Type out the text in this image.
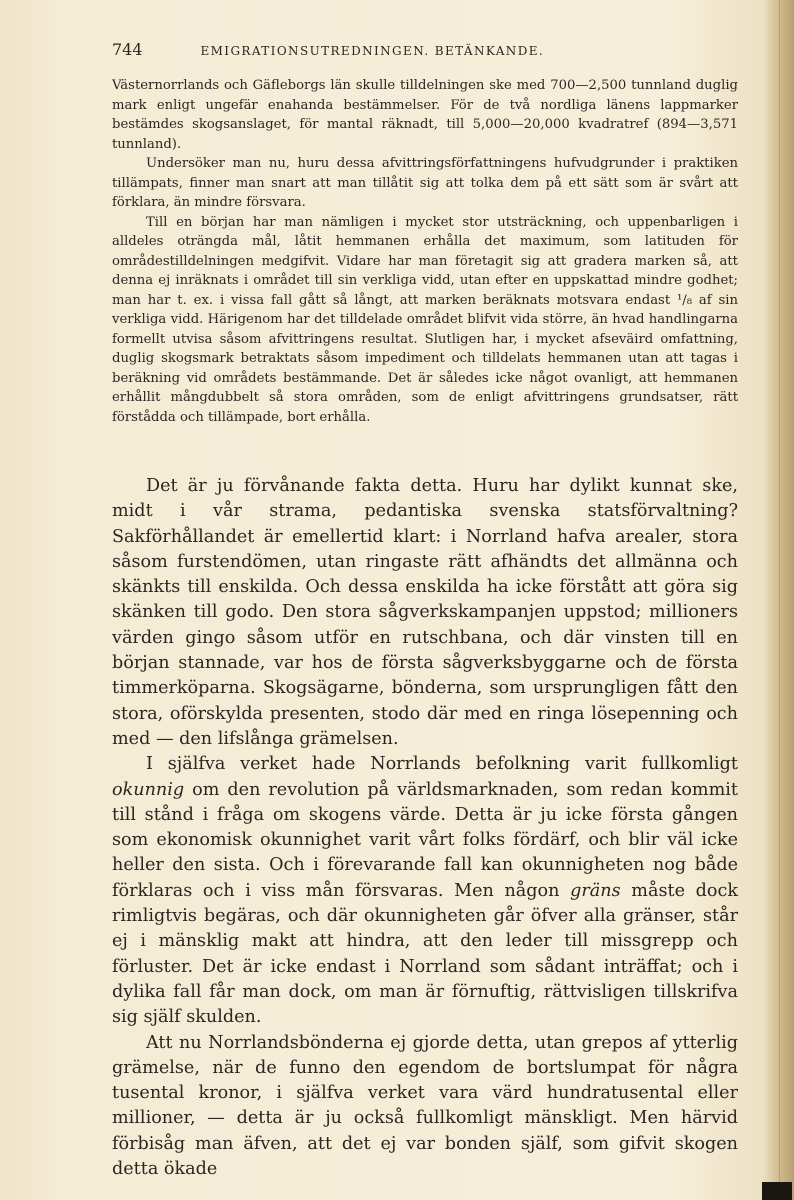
744	EMIGRATIONSUTREDNINGEN. BETÄNKANDE.

Västernorrlands och Gäfleborgs län skulle tilldelningen ske med 700—2,500 tunnland duglig mark enligt ungefär enahanda bestämmelser. För de två nordliga länens lappmarker bestämdes skogsanslaget, för mantal räknadt, till 5,000—20,000 kvadratref (894—3,571 tunnland).

Undersöker man nu, huru dessa afvittringsförfattningens hufvudgrunder i praktiken tillämpats, finner man snart att man tillåtit sig att tolka dem på ett sätt som är svårt att förklara, än mindre försvara.

Till en början har man nämligen i mycket stor utsträckning, och uppenbarligen i alldeles oträngda mål, låtit hemmanen erhålla det maximum, som latituden för områdestilldelningen medgifvit. Vidare har man företagit sig att gradera marken så, att denna ej inräknats i området till sin verkliga vidd, utan efter en uppskattad mindre godhet; man har t. ex. i vissa fall gått så långt, att marken beräknats motsvara endast ¹/₈ af sin verkliga vidd. Härigenom har det tilldelade området blifvit vida större, än hvad handlingarna formellt utvisa såsom afvittringens resultat. Slutligen har, i mycket afseväird omfattning, duglig skogsmark betraktats såsom impediment och tilldelats hemmanen utan att tagas i beräkning vid områdets bestämmande. Det är således icke något ovanligt, att hemmanen erhållit mångdubbelt så stora områden, som de enligt afvittringens grundsatser, rätt förstådda och tillämpade, bort erhålla.

Det är ju förvånande fakta detta. Huru har dylikt kunnat ske, midt i vår strama, pedantiska svenska statsförvaltning? Sakförhållandet är emellertid klart: i Norrland hafva arealer, stora såsom furstendömen, utan ringaste rätt afhändts det allmänna och skänkts till enskilda. Och dessa enskilda ha icke förstått att göra sig skänken till godo. Den stora sågverkskampanjen uppstod; millioners värden gingo såsom utför en rutschbana, och där vinsten till en början stannade, var hos de första sågverksbyggarne och de första timmerköparna. Skogsägarne, bönderna, som ursprungligen fått den stora, oförskylda presenten, stodo där med en ringa lösepenning och med — den lifslånga grämelsen.

I själfva verket hade Norrlands befolkning varit fullkomligt okunnig om den revolution på världsmarknaden, som redan kommit till stånd i fråga om skogens värde. Detta är ju icke första gången som ekonomisk okunnighet varit vårt folks fördärf, och blir väl icke heller den sista. Och i förevarande fall kan okunnigheten nog både förklaras och i viss mån försvaras. Men någon gräns måste dock rimligtvis begäras, och där okunnigheten går öfver alla gränser, står ej i mänsklig makt att hindra, att den leder till missgrepp och förluster. Det är icke endast i Norrland som sådant inträffat; och i dylika fall får man dock, om man är förnuftig, rättvisligen tillskrifva sig själf skulden.

Att nu Norrlandsbönderna ej gjorde detta, utan grepos af ytterlig grämelse, när de funno den egendom de bortslumpat för några tusental kronor, i själfva verket vara värd hundratusental eller millioner, — detta är ju också fullkomligt mänskligt. Men härvid förbisåg man äfven, att det ej var bonden själf, som gifvit skogen detta ökade
